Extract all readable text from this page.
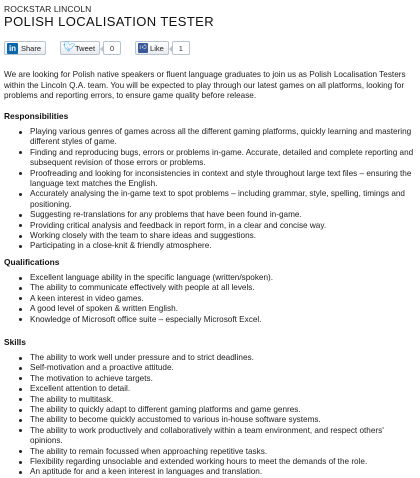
ROCKSTAR LINCOLN
POLISH LOCALISATION TESTER
in Share 🐦︎ Tweet	0	👍︎ Like	1
We are looking for Polish native speakers or fluent language graduates to join us as Polish Localisation Testers within the Lincoln Q.A. team. You will be expected to play through our latest games on all platforms, looking for problems and reporting errors, to ensure game quality before release.
Responsibilities
Playing various genres of games across all the different gaming platforms, quickly learning and mastering different styles of game.
Finding and reproducing bugs, errors or problems in-game. Accurate, detailed and complete reporting and subsequent revision of those errors or problems.
Proofreading and looking for inconsistencies in context and style throughout large text files – ensuring the language text matches the English.
Accurately analysing the in-game text to spot problems – including grammar, style, spelling, timings and positioning.
Suggesting re-translations for any problems that have been found in-game.
Providing critical analysis and feedback in report form, in a clear and concise way.
Working closely with the team to share ideas and suggestions.
Participating in a close-knit & friendly atmosphere.
Qualifications
Excellent language ability in the specific language (written/spoken).
The ability to communicate effectively with people at all levels.
A keen interest in video games.
A good level of spoken & written English.
Knowledge of Microsoft office suite – especially Microsoft Excel.
Skills
The ability to work well under pressure and to strict deadlines.
Self-motivation and a proactive attitude.
The motivation to achieve targets.
Excellent attention to detail.
The ability to multitask.
The ability to quickly adapt to different gaming platforms and game genres.
The ability to become quickly accustomed to various in-house software systems.
The ability to work productively and collaboratively within a team environment, and respect others' opinions.
The ability to remain focussed when approaching repetitive tasks.
Flexibility regarding unsociable and extended working hours to meet the demands of the role.
An aptitude for and a keen interest in languages and translation.
